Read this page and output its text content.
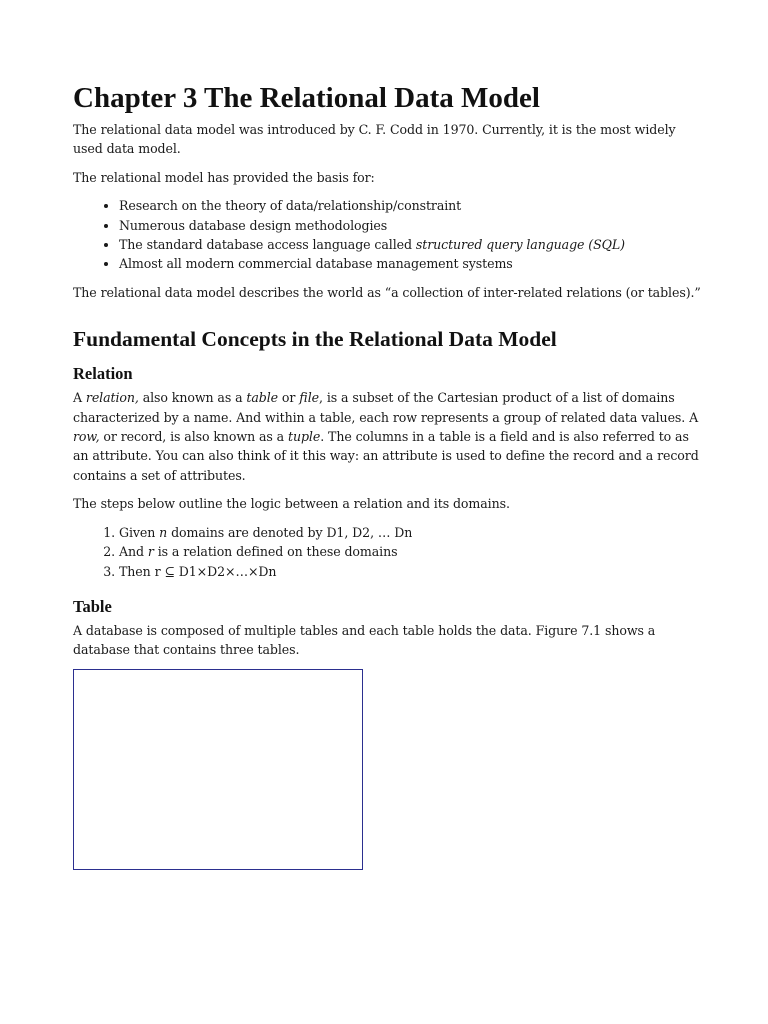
Chapter 3 The Relational Data Model

The relational data model was introduced by C. F. Codd in 1970. Currently, it is the most widely used data model.

The relational model has provided the basis for:

• Research on the theory of data/relationship/constraint
• Numerous database design methodologies
• The standard database access language called structured query language (SQL)
• Almost all modern commercial database management systems

The relational data model describes the world as “a collection of inter-related relations (or tables).”

Fundamental Concepts in the Relational Data Model
Relation

A relation, also known as a table or file, is a subset of the Cartesian product of a list of domains characterized by a name. And within a table, each row represents a group of related data values. A row, or record, is also known as a tuple. The columns in a table is a field and is also referred to as an attribute. You can also think of it this way: an attribute is used to define the record and a record contains a set of attributes.

The steps below outline the logic between a relation and its domains.

1. Given n domains are denoted by D1, D2, … Dn
2. And r is a relation defined on these domains
3. Then r ⊆ D1×D2×…×Dn
Table

A database is composed of multiple tables and each table holds the data. Figure 7.1 shows a database that contains three tables.
